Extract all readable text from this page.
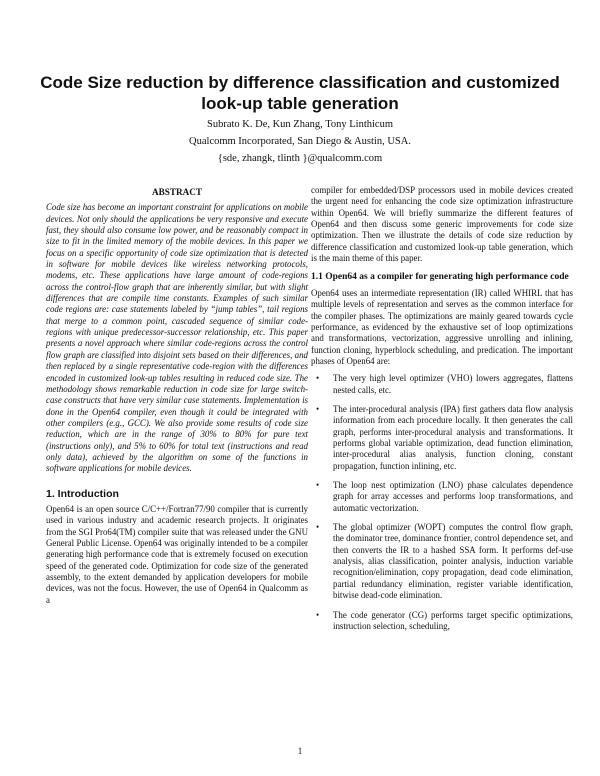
Code Size reduction by difference classification and customized look-up table generation

Subrato K. De, Kun Zhang, Tony Linthicum

Qualcomm Incorporated, San Diego & Austin, USA.

{sde, zhangk, tlinth }@qualcomm.com

ABSTRACT

Code size has become an important constraint for applications on mobile devices. Not only should the applications be very responsive and execute fast, they should also consume low power, and be reasonably compact in size to fit in the limited memory of the mobile devices. In this paper we focus on a specific opportunity of code size optimization that is detected in software for mobile devices like wireless networking protocols, modems, etc. These applications have large amount of code-regions across the control-flow graph that are inherently similar, but with slight differences that are compile time constants. Examples of such similar code regions are: case statements labeled by “jump tables”, tail regions that merge to a common point, cascaded sequence of similar code-regions with unique predecessor-successor relationship, etc. This paper presents a novel approach where similar code-regions across the control flow graph are classified into disjoint sets based on their differences, and then replaced by a single representative code-region with the differences encoded in customized look-up tables resulting in reduced code size. The methodology shows remarkable reduction in code size for large switch-case constructs that have very similar case statements. Implementation is done in the Open64 compiler, even though it could be integrated with other compilers (e.g., GCC). We also provide some results of code size reduction, which are in the range of 30% to 80% for pure text (instructions only), and 5% to 60% for total text (instructions and read only data), achieved by the algorithm on some of the functions in software applications for mobile devices.

1. Introduction

Open64 is an open source C/C++/Fortran77/90 compiler that is currently used in various industry and academic research projects. It originates from the SGI Pro64(TM) compiler suite that was released under the GNU General Public License. Open64 was originally intended to be a compiler generating high performance code that is extremely focused on execution speed of the generated code. Optimization for code size of the generated assembly, to the extent demanded by application developers for mobile devices, was not the focus. However, the use of Open64 in Qualcomm as a

compiler for embedded/DSP processors used in mobile devices created the urgent need for enhancing the code size optimization infrastructure within Open64. We will briefly summarize the different features of Open64 and then discuss some generic improvements for code size optimization. Then we illustrate the details of code size reduction by difference classification and customized look-up table generation, which is the main theme of this paper.

1.1 Open64 as a compiler for generating high performance code

Open64 uses an intermediate representation (IR) called WHIRL that has multiple levels of representation and serves as the common interface for the compiler phases. The optimizations are mainly geared towards cycle performance, as evidenced by the exhaustive set of loop optimizations and transformations, vectorization, aggressive unrolling and inlining, function cloning, hyperblock scheduling, and predication. The important phases of Open64 are:

• The very high level optimizer (VHO) lowers aggregates, flattens nested calls, etc.
• The inter-procedural analysis (IPA) first gathers data flow analysis information from each procedure locally. It then generates the call graph, performs inter-procedural analysis and transformations. It performs global variable optimization, dead function elimination, inter-procedural alias analysis, function cloning, constant propagation, function inlining, etc.
• The loop nest optimization (LNO) phase calculates dependence graph for array accesses and performs loop transformations, and automatic vectorization.
• The global optimizer (WOPT) computes the control flow graph, the dominator tree, dominance frontier, control dependence set, and then converts the IR to a hashed SSA form. It performs def-use analysis, alias classification, pointer analysis, induction variable recognition/elimination, copy propagation, dead code elimination, partial redundancy elimination, register variable identification, bitwise dead-code elimination.
• The code generator (CG) performs target specific optimizations, instruction selection, scheduling,
1
